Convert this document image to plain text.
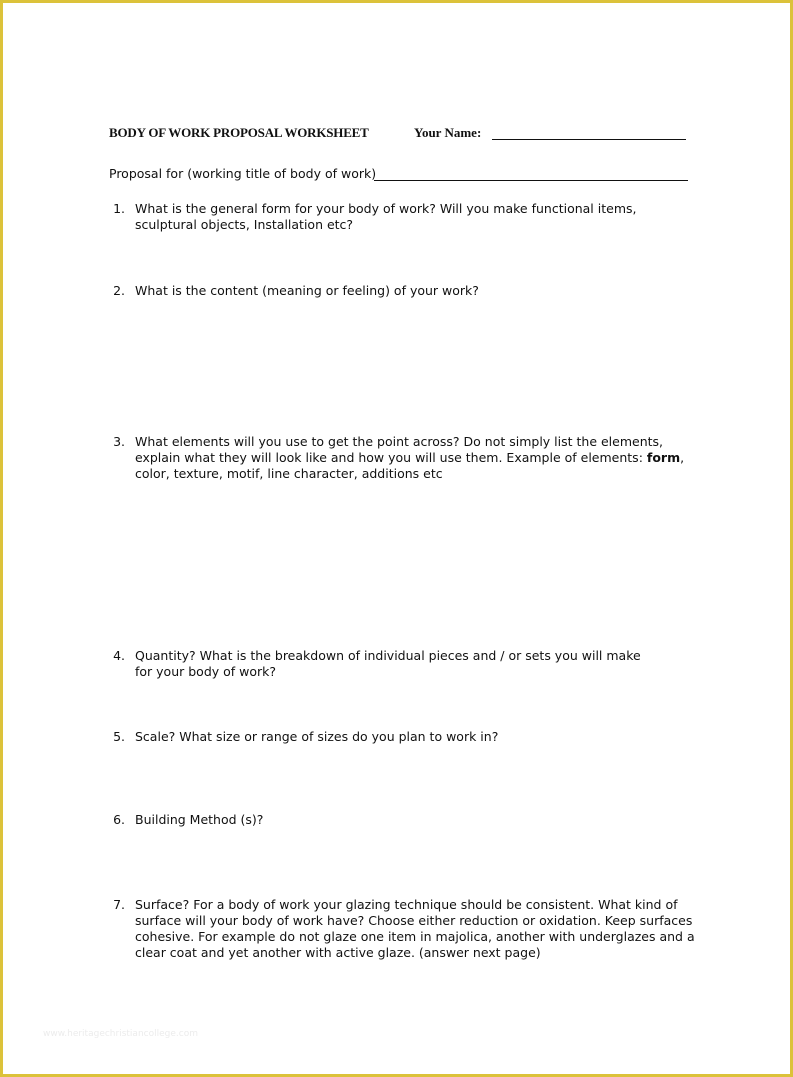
BODY OF WORK PROPOSAL WORKSHEET	Your Name:
Proposal for (working title of body of work)
1. What is the general form for your body of work? Will you make functional items, sculptural objects, Installation etc?
2. What is the content (meaning or feeling) of your work?
3. What elements will you use to get the point across? Do not simply list the elements, explain what they will look like and how you will use them. Example of elements: form, color, texture, motif, line character, additions etc
4. Quantity? What is the breakdown of individual pieces and / or sets you will make for your body of work?
5. Scale? What size or range of sizes do you plan to work in?
6. Building Method (s)?
7. Surface? For a body of work your glazing technique should be consistent. What kind of surface will your body of work have? Choose either reduction or oxidation. Keep surfaces cohesive. For example do not glaze one item in majolica, another with underglazes and a clear coat and yet another with active glaze. (answer next page)
www.heritagechristiancollege.com
